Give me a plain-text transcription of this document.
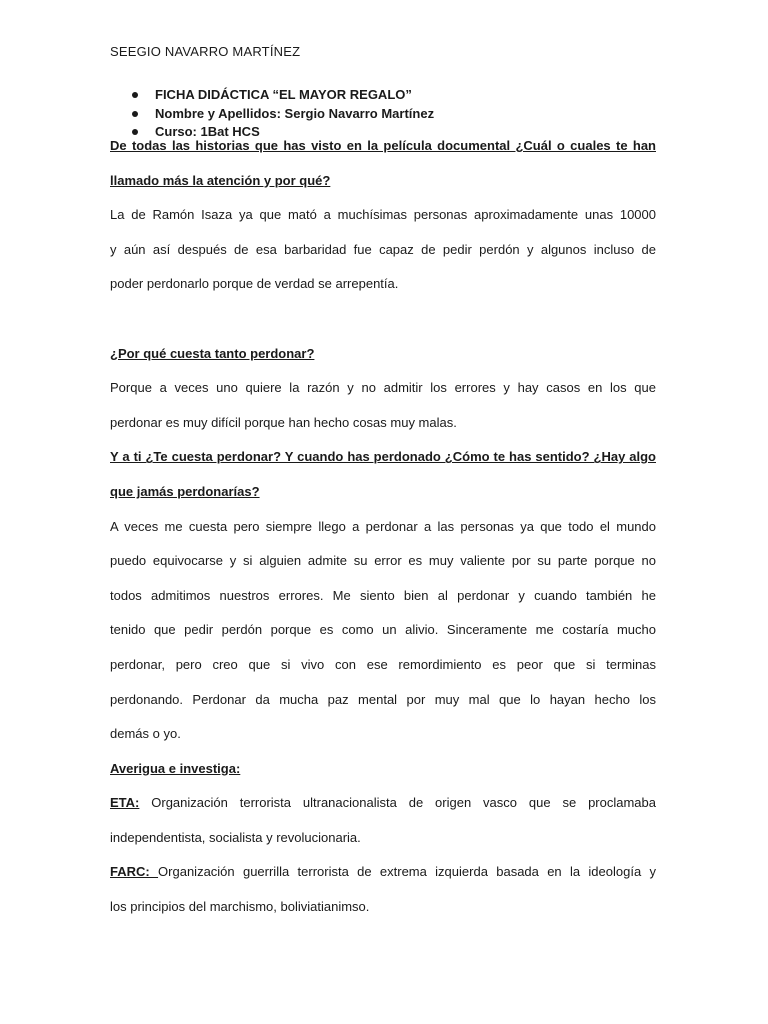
SEEGIO NAVARRO MARTÍNEZ
FICHA DIDÁCTICA “EL MAYOR REGALO”
Nombre y Apellidos: Sergio Navarro Martínez
Curso: 1Bat HCS
De todas las historias que has visto en la película documental ¿Cuál o cuales te han
llamado más la atención y por qué?
La de Ramón Isaza ya que mató a muchísimas personas aproximadamente unas 10000
y aún así después de esa barbaridad fue capaz de pedir perdón y algunos incluso de
poder perdonarlo porque de verdad se arrepentía.
¿Por qué cuesta tanto perdonar?
Porque a veces uno quiere la razón y no admitir los errores y hay casos en los que
perdonar es muy difícil porque han hecho cosas muy malas.
Y a ti ¿Te cuesta perdonar? Y cuando has perdonado ¿Cómo te has sentido? ¿Hay algo
que jamás perdonarías?
A veces me cuesta pero siempre llego a perdonar a las personas ya que todo el mundo
puedo equivocarse y si alguien admite su error es muy valiente por su parte porque no
todos admitimos nuestros errores. Me siento bien al perdonar y cuando también he
tenido que pedir perdón porque es como un alivio. Sinceramente me costaría mucho
perdonar, pero creo que si vivo con ese remordimiento es peor que si terminas
perdonando. Perdonar da mucha paz mental por muy mal que lo hayan hecho los
demás o yo.
Averigua e investiga:
ETA: Organización terrorista ultranacionalista de origen vasco que se proclamaba
independentista, socialista y revolucionaria.
FARC: Organización guerrilla terrorista de extrema izquierda basada en la ideología y
los principios del marchismo, boliviatianimso.
